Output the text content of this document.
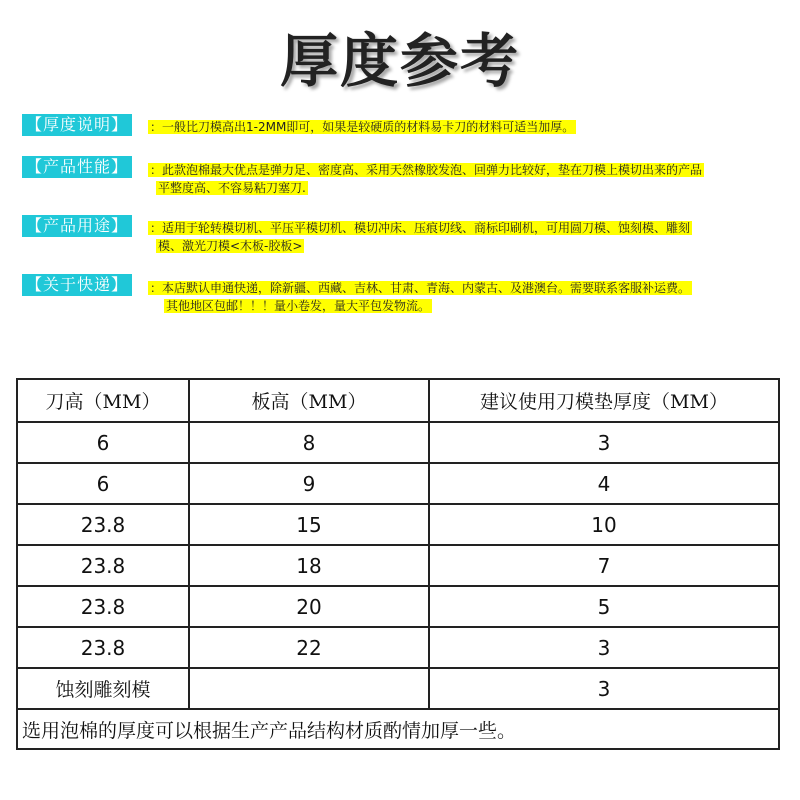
厚度参考
【厚度说明】	：一般比刀模高出1-2MM即可，如果是较硬质的材料易卡刀的材料可适当加厚。
【产品性能】	：此款泡棉最大优点是弹力足、密度高、采用天然橡胶发泡、回弹力比较好，垫在刀模上模切出来的产品
平整度高、不容易粘刀塞刀.
【产品用途】	：适用于轮转模切机、平压平模切机、模切冲床、压痕切线、商标印刷机，可用圆刀模、蚀刻模、雕刻
模、激光刀模<木板-胶板>
【关于快递】	：本店默认申通快递，除新疆、西藏、吉林、甘肃、青海、内蒙古、及港澳台。需要联系客服补运费。
其他地区包邮！！！量小卷发，量大平包发物流。
刀高（MM）	板高（MM）	建议使用刀模垫厚度（MM）
6	8	3
6	9	4
23.8	15	10
23.8	18	7
23.8	20	5
23.8	22	3
蚀刻雕刻模		3
选用泡棉的厚度可以根据生产产品结构材质酌情加厚一些。		
